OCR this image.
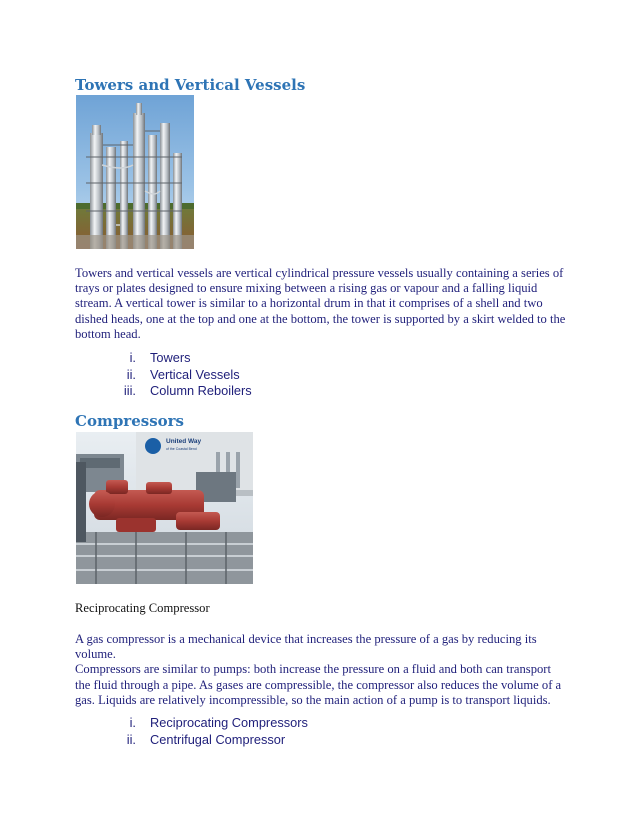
Towers and Vertical Vessels
Towers and vertical vessels are vertical cylindrical pressure vessels usually containing a series of
trays or plates designed to ensure mixing between a rising gas or vapour and a falling liquid
stream. A vertical tower is similar to a horizontal drum in that it comprises of a shell and two
dished heads, one at the top and one at the bottom, the tower is supported by a skirt welded to the
bottom head.
i. Towers
ii. Vertical Vessels
iii. Column Reboilers
Compressors
United Way
of the Coastal Bend
Reciprocating Compressor
A gas compressor is a mechanical device that increases the pressure of a gas by reducing its
volume.
Compressors are similar to pumps: both increase the pressure on a fluid and both can transport
the fluid through a pipe. As gases are compressible, the compressor also reduces the volume of a
gas. Liquids are relatively incompressible, so the main action of a pump is to transport liquids.
i. Reciprocating Compressors
ii. Centrifugal Compressor
